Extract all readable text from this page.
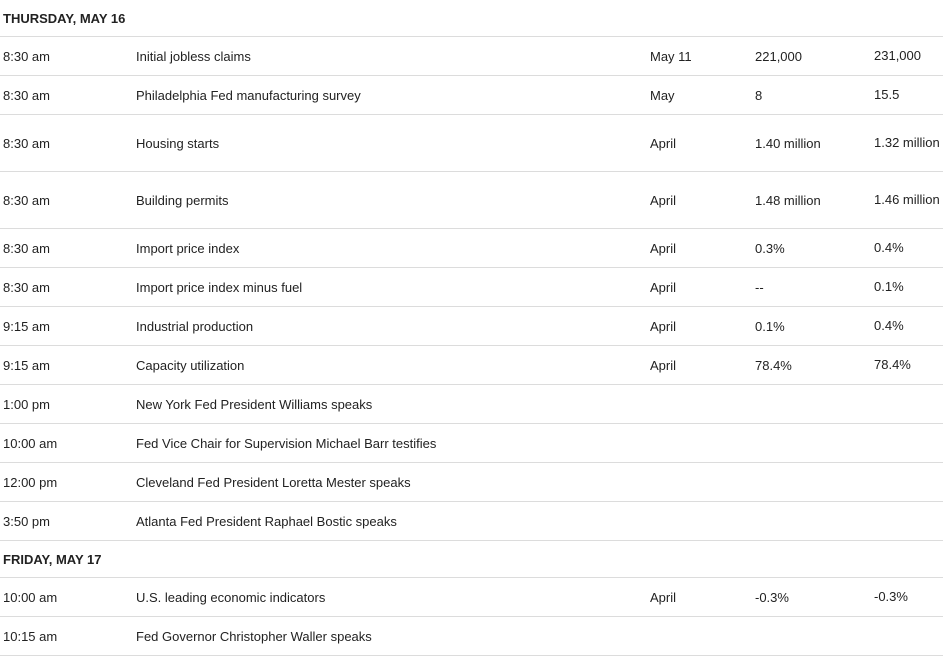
THURSDAY, MAY 16
8:30 am	Initial jobless claims	May 11	221,000	231,000
8:30 am	Philadelphia Fed manufacturing survey	May	8	15.5
8:30 am	Housing starts	April	1.40 million	1.32 million
8:30 am	Building permits	April	1.48 million	1.46 million
8:30 am	Import price index	April	0.3%	0.4%
8:30 am	Import price index minus fuel	April	--	0.1%
9:15 am	Industrial production	April	0.1%	0.4%
9:15 am	Capacity utilization	April	78.4%	78.4%
1:00 pm	New York Fed President Williams speaks
10:00 am	Fed Vice Chair for Supervision Michael Barr testifies
12:00 pm	Cleveland Fed President Loretta Mester speaks
3:50 pm	Atlanta Fed President Raphael Bostic speaks
FRIDAY, MAY 17
10:00 am	U.S. leading economic indicators	April	-0.3%	-0.3%
10:15 am	Fed Governor Christopher Waller speaks
